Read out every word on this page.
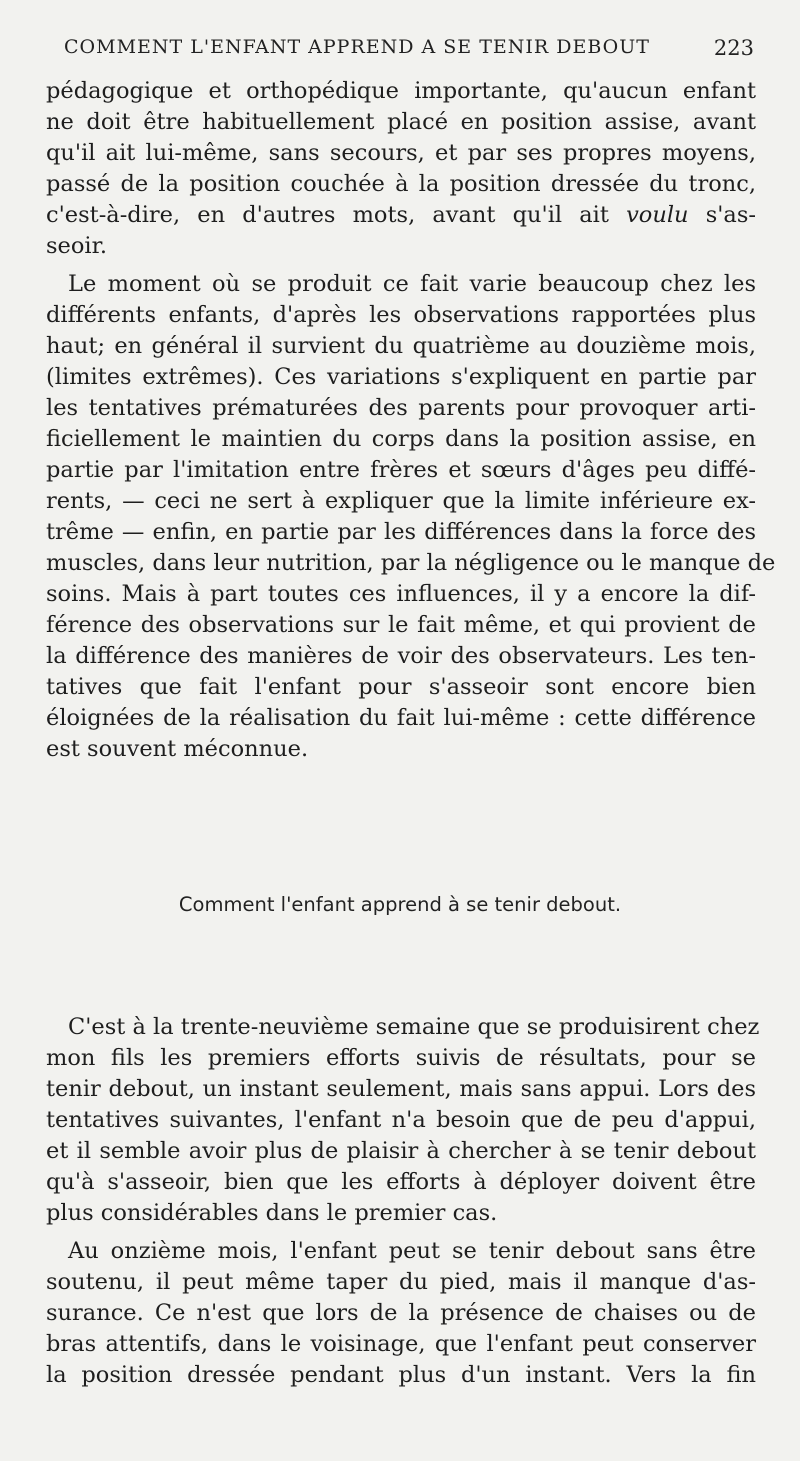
COMMENT L'ENFANT APPREND A SE TENIR DEBOUT	223
pédagogique et orthopédique importante, qu'aucun enfant
ne doit être habituellement placé en position assise, avant
qu'il ait lui-même, sans secours, et par ses propres moyens,
passé de la position couchée à la position dressée du tronc,
c'est-à-dire, en d'autres mots, avant qu'il ait voulu s'as-
seoir.
Le moment où se produit ce fait varie beaucoup chez les
différents enfants, d'après les observations rapportées plus
haut; en général il survient du quatrième au douzième mois,
(limites extrêmes). Ces variations s'expliquent en partie par
les tentatives prématurées des parents pour provoquer arti-
ficiellement le maintien du corps dans la position assise, en
partie par l'imitation entre frères et sœurs d'âges peu diffé-
rents, — ceci ne sert à expliquer que la limite inférieure ex-
trême — enfin, en partie par les différences dans la force des
muscles, dans leur nutrition, par la négligence ou le manque de
soins. Mais à part toutes ces influences, il y a encore la dif-
férence des observations sur le fait même, et qui provient de
la différence des manières de voir des observateurs. Les ten-
tatives que fait l'enfant pour s'asseoir sont encore bien
éloignées de la réalisation du fait lui-même : cette différence
est souvent méconnue.
Comment l'enfant apprend à se tenir debout.
C'est à la trente-neuvième semaine que se produisirent chez
mon fils les premiers efforts suivis de résultats, pour se
tenir debout, un instant seulement, mais sans appui. Lors des
tentatives suivantes, l'enfant n'a besoin que de peu d'appui,
et il semble avoir plus de plaisir à chercher à se tenir debout
qu'à s'asseoir, bien que les efforts à déployer doivent être
plus considérables dans le premier cas.
Au onzième mois, l'enfant peut se tenir debout sans être
soutenu, il peut même taper du pied, mais il manque d'as-
surance. Ce n'est que lors de la présence de chaises ou de
bras attentifs, dans le voisinage, que l'enfant peut conserver
la position dressée pendant plus d'un instant. Vers la fin
